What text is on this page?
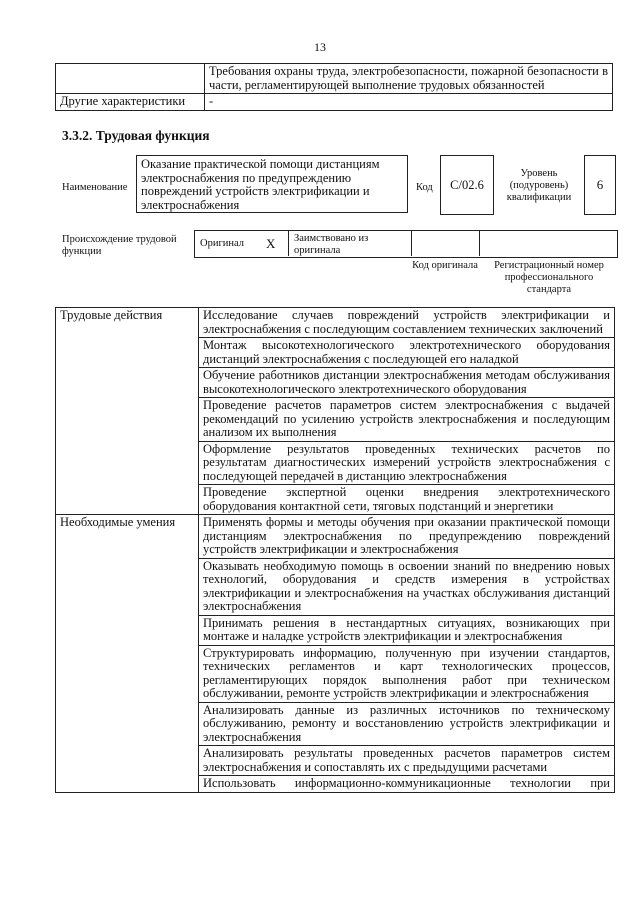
13
	Требования охраны труда, электробезопасности, пожарной безопасности в части, регламентирующей выполнение трудовых обязанностей
Другие характеристики	-
3.3.2. Трудовая функция
Наименование
Оказание практической помощи дистанциям электроснабжения по предупреждению повреждений устройств электрификации и электроснабжения
Код	C/02.6
Уровень (подуровень) квалификации
6
Происхождение трудовой функции
Оригинал X Заимствовано из оригинала
Код оригинала	Регистрационный номер профессионального стандарта
Трудовые действия	Исследование случаев повреждений устройств электрификации и электроснабжения с последующим составлением технических заключений
	Монтаж высокотехнологического электротехнического оборудования дистанций электроснабжения с последующей его наладкой
	Обучение работников дистанции электроснабжения методам обслуживания высокотехнологического электротехнического оборудования
	Проведение расчетов параметров систем электроснабжения с выдачей рекомендаций по усилению устройств электроснабжения и последующим анализом их выполнения
	Оформление результатов проведенных технических расчетов по результатам диагностических измерений устройств электроснабжения с последующей передачей в дистанцию электроснабжения
	Проведение экспертной оценки внедрения электротехнического оборудования контактной сети, тяговых подстанций и энергетики
Необходимые умения	Применять формы и методы обучения при оказании практической помощи дистанциям электроснабжения по предупреждению повреждений устройств электрификации и электроснабжения
	Оказывать необходимую помощь в освоении знаний по внедрению новых технологий, оборудования и средств измерения в устройствах электрификации и электроснабжения на участках обслуживания дистанций электроснабжения
	Принимать решения в нестандартных ситуациях, возникающих при монтаже и наладке устройств электрификации и электроснабжения
	Структурировать информацию, полученную при изучении стандартов, технических регламентов и карт технологических процессов, регламентирующих порядок выполнения работ при техническом обслуживании, ремонте устройств электрификации и электроснабжения
	Анализировать данные из различных источников по техническому обслуживанию, ремонту и восстановлению устройств электрификации и электроснабжения
	Анализировать результаты проведенных расчетов параметров систем электроснабжения и сопоставлять их с предыдущими расчетами
	Использовать информационно-коммуникационные технологии при
